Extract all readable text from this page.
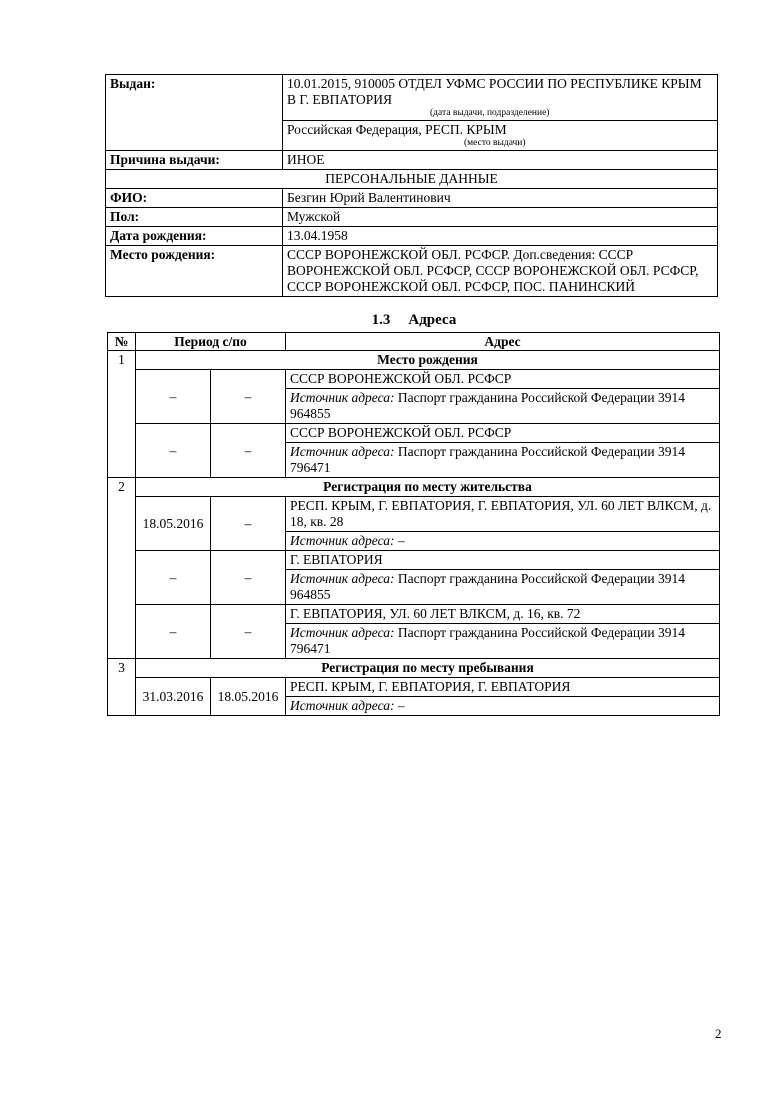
Выдан:	10.01.2015, 910005 ОТДЕЛ УФМС РОССИИ ПО РЕСПУБЛИКЕ КРЫМ В Г. ЕВПАТОРИЯ
(дата выдачи, подразделение)

	Российская Федерация, РЕСП. КРЫМ
(место выдачи)

Причина выдачи:	ИНОЕ
ПЕРСОНАЛЬНЫЕ ДАННЫЕ	
ФИО:	Безгин Юрий Валентинович
Пол:	Мужской
Дата рождения:	13.04.1958
Место рождения:	СССР ВОРОНЕЖСКОЙ ОБЛ. РСФСР. Доп.сведения: СССР ВОРОНЕЖСКОЙ ОБЛ. РСФСР, СССР ВОРОНЕЖСКОЙ ОБЛ. РСФСР, СССР ВОРОНЕЖСКОЙ ОБЛ. РСФСР, ПОС. ПАНИНСКИЙ
1.3 Адреса
№	Период с/по		Адрес
1	Место рождения		
	–	–	СССР ВОРОНЕЖСКОЙ ОБЛ. РСФСР
			Источник адреса: Паспорт гражданина Российской Федерации 3914 964855
	–	–	СССР ВОРОНЕЖСКОЙ ОБЛ. РСФСР
			Источник адреса: Паспорт гражданина Российской Федерации 3914 796471
2	Регистрация по месту жительства		
	18.05.2016	–	РЕСП. КРЫМ, Г. ЕВПАТОРИЯ, Г. ЕВПАТОРИЯ, УЛ. 60 ЛЕТ ВЛКСМ, д. 18, кв. 28
			Источник адреса: –
	–	–	Г. ЕВПАТОРИЯ
			Источник адреса: Паспорт гражданина Российской Федерации 3914 964855
	–	–	Г. ЕВПАТОРИЯ, УЛ. 60 ЛЕТ ВЛКСМ, д. 16, кв. 72
			Источник адреса: Паспорт гражданина Российской Федерации 3914 796471
3	Регистрация по месту пребывания		
	31.03.2016	18.05.2016	РЕСП. КРЫМ, Г. ЕВПАТОРИЯ, Г. ЕВПАТОРИЯ
			Источник адреса: –
2
